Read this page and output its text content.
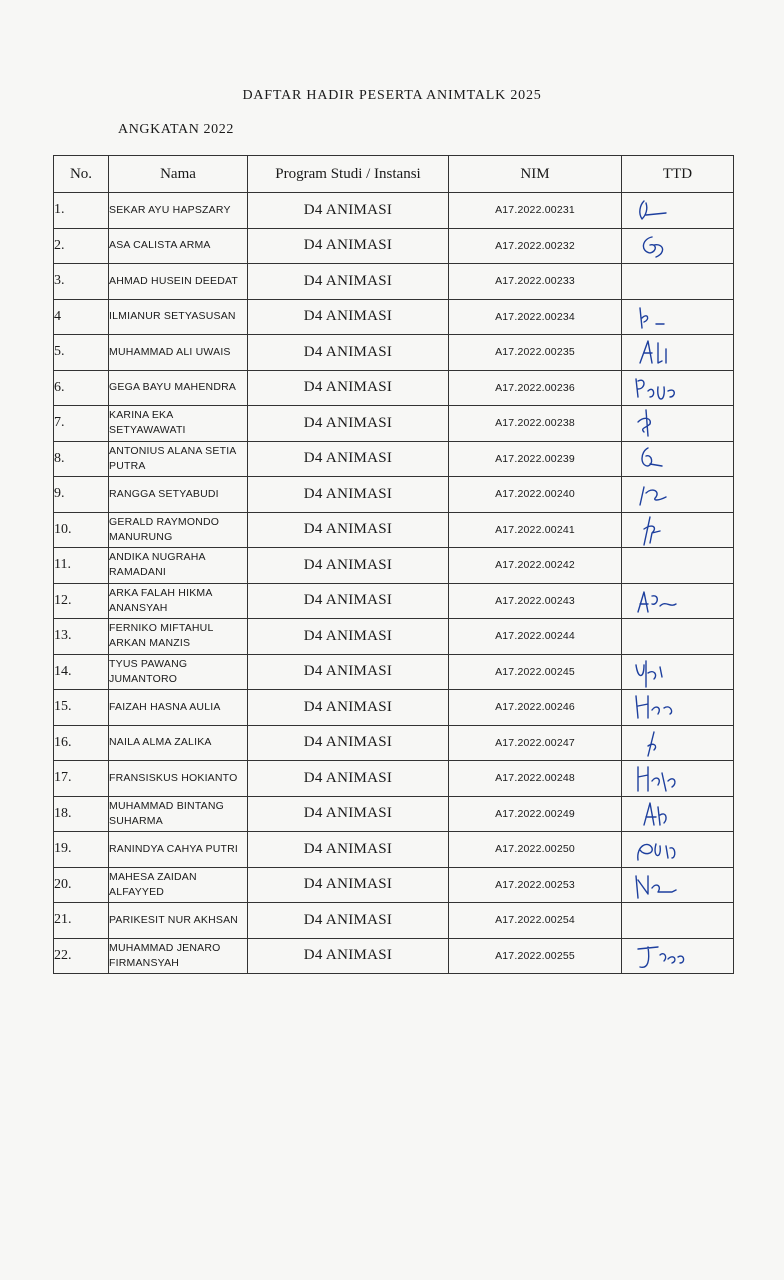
DAFTAR HADIR PESERTA ANIMTALK 2025
ANGKATAN 2022
No.	Nama	Program Studi / Instansi	NIM	TTD
1.	SEKAR AYU HAPSZARY	D4 ANIMASI	A17.2022.00231	

2.	ASA CALISTA ARMA	D4 ANIMASI	A17.2022.00232	

3.	AHMAD HUSEIN DEEDAT	D4 ANIMASI	A17.2022.00233	
4	ILMIANUR SETYASUSAN	D4 ANIMASI	A17.2022.00234	

5.	MUHAMMAD ALI UWAIS	D4 ANIMASI	A17.2022.00235	

6.	GEGA BAYU MAHENDRA	D4 ANIMASI	A17.2022.00236	

7.	KARINA EKA SETYAWAWATI	D4 ANIMASI	A17.2022.00238	

8.	ANTONIUS ALANA SETIA PUTRA	D4 ANIMASI	A17.2022.00239	

9.	RANGGA SETYABUDI	D4 ANIMASI	A17.2022.00240	

10.	GERALD RAYMONDO MANURUNG	D4 ANIMASI	A17.2022.00241	

11.	ANDIKA NUGRAHA RAMADANI	D4 ANIMASI	A17.2022.00242	
12.	ARKA FALAH HIKMA ANANSYAH	D4 ANIMASI	A17.2022.00243	

13.	FERNIKO MIFTAHUL ARKAN MANZIS	D4 ANIMASI	A17.2022.00244	
14.	TYUS PAWANG JUMANTORO	D4 ANIMASI	A17.2022.00245	

15.	FAIZAH HASNA AULIA	D4 ANIMASI	A17.2022.00246	

16.	NAILA ALMA ZALIKA	D4 ANIMASI	A17.2022.00247	

17.	FRANSISKUS HOKIANTO	D4 ANIMASI	A17.2022.00248	

18.	MUHAMMAD BINTANG SUHARMA	D4 ANIMASI	A17.2022.00249	

19.	RANINDYA CAHYA PUTRI	D4 ANIMASI	A17.2022.00250	

20.	MAHESA ZAIDAN ALFAYYED	D4 ANIMASI	A17.2022.00253	

21.	PARIKESIT NUR AKHSAN	D4 ANIMASI	A17.2022.00254	
22.	MUHAMMAD JENARO FIRMANSYAH	D4 ANIMASI	A17.2022.00255	
